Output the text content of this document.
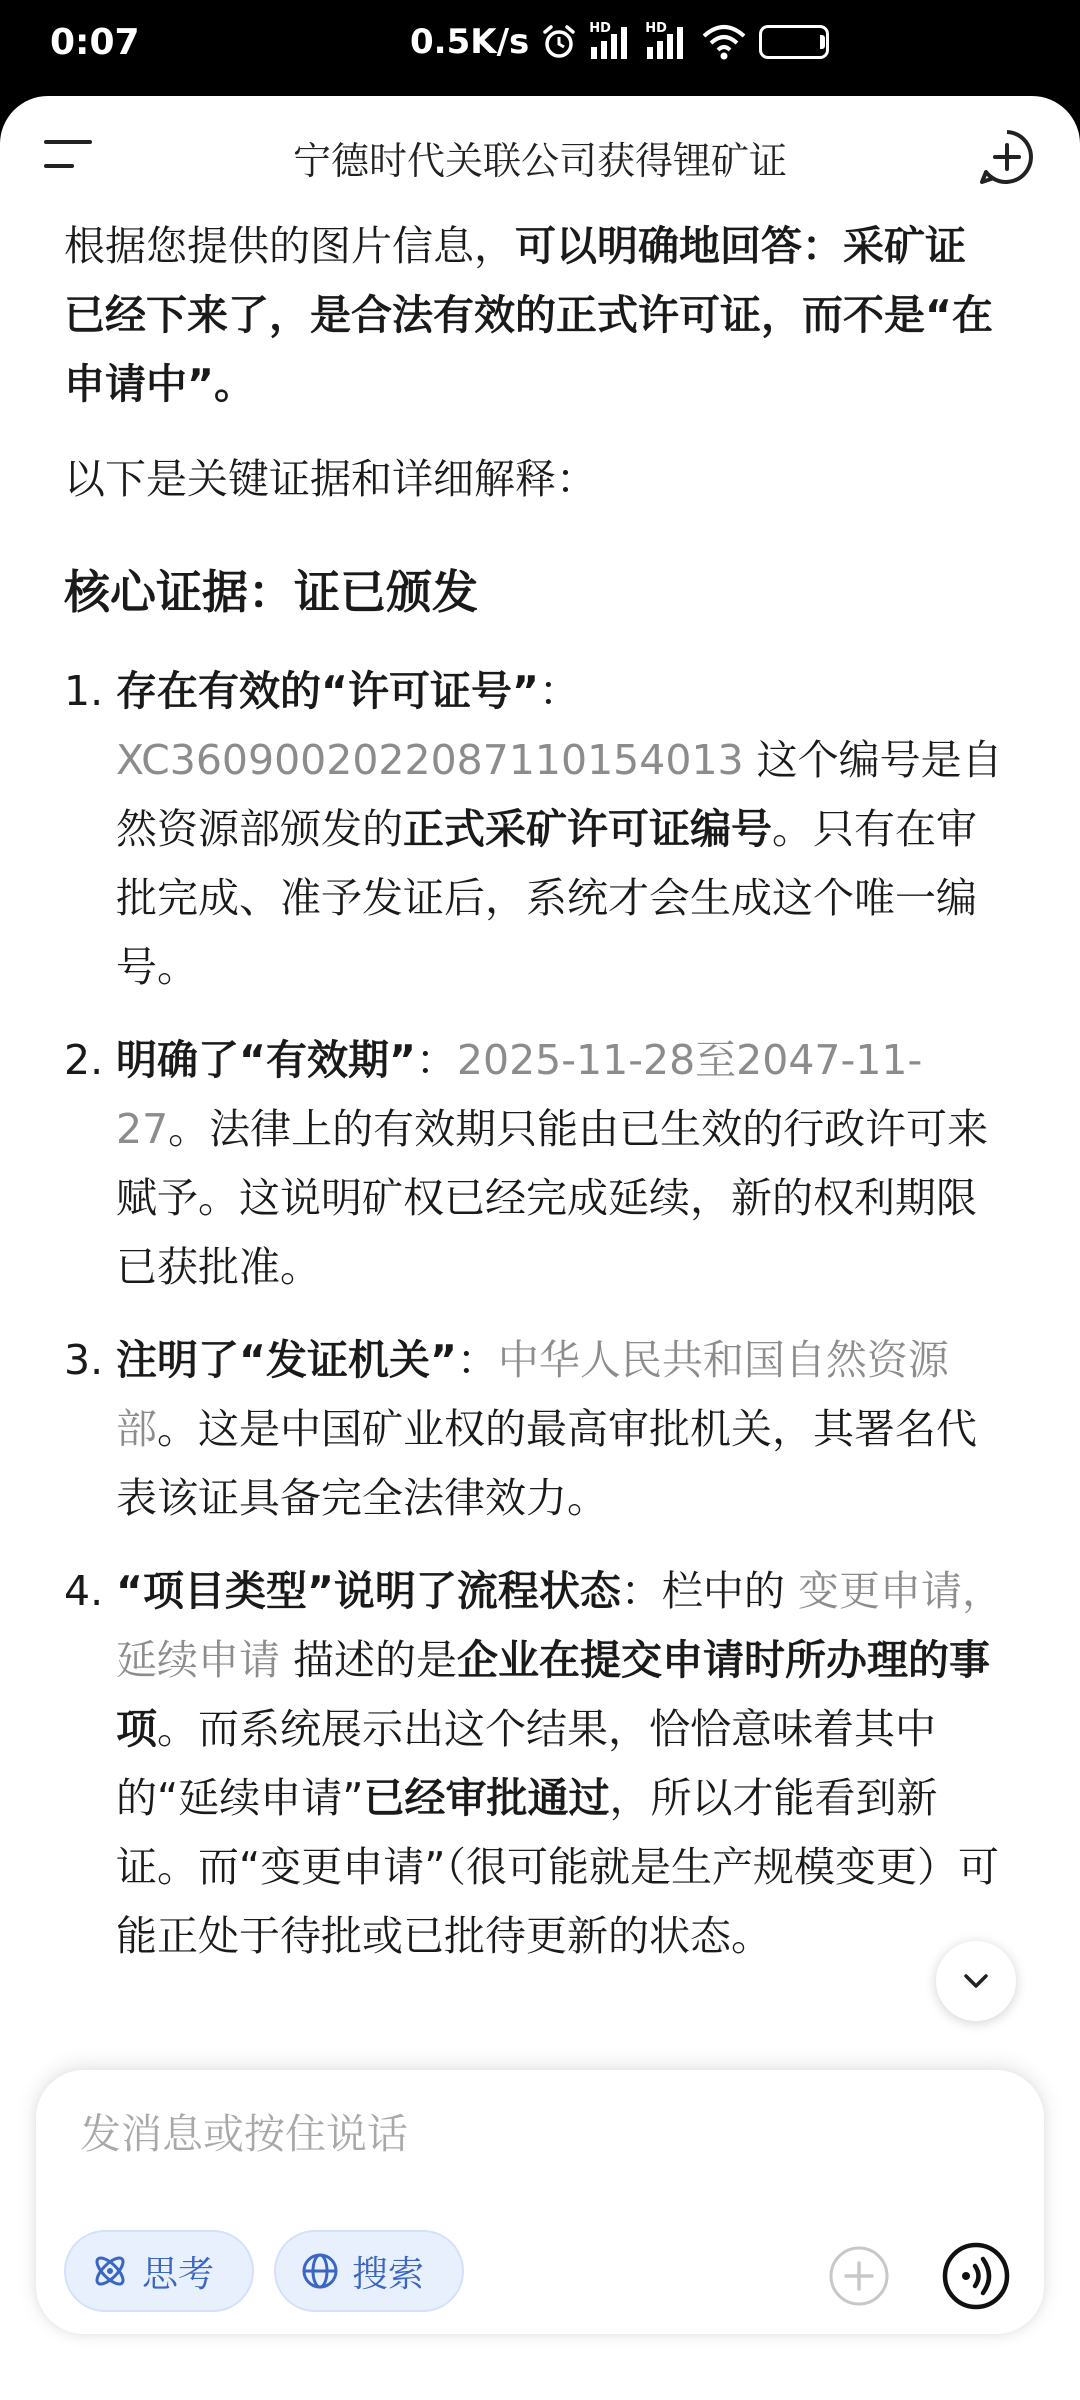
0:07	0.5K/s	HD	HD
93
宁德时代关联公司获得锂矿证

根据您提供的图片信息，可以明确地回答：采矿证已经下来了，是合法有效的正式许可证，而不是“在申请中”。

以下是关键证据和详细解释：

核心证据：证已颁发

1. 存在有效的“许可证号”：
XC3609002022087110154013 这个编号是自然资源部颁发的正式采矿许可证编号。只有在审批完成、准予发证后，系统才会生成这个唯一编号。
2. 明确了“有效期”：2025-11-28至2047-11-27。法律上的有效期只能由已生效的行政许可来赋予。这说明矿权已经完成延续，新的权利期限已获批准。
3. 注明了“发证机关”：中华人民共和国自然资源部。这是中国矿业权的最高审批机关，其署名代表该证具备完全法律效力。
4. “项目类型”说明了流程状态：栏中的 变更申请，延续申请 描述的是企业在提交申请时所办理的事项。而系统展示出这个结果，恰恰意味着其中的“延续申请”已经审批通过，所以才能看到新证。而“变更申请”（很可能就是生产规模变更）可能正处于待批或已批待更新的状态。
发消息或按住说话
思考	搜索
